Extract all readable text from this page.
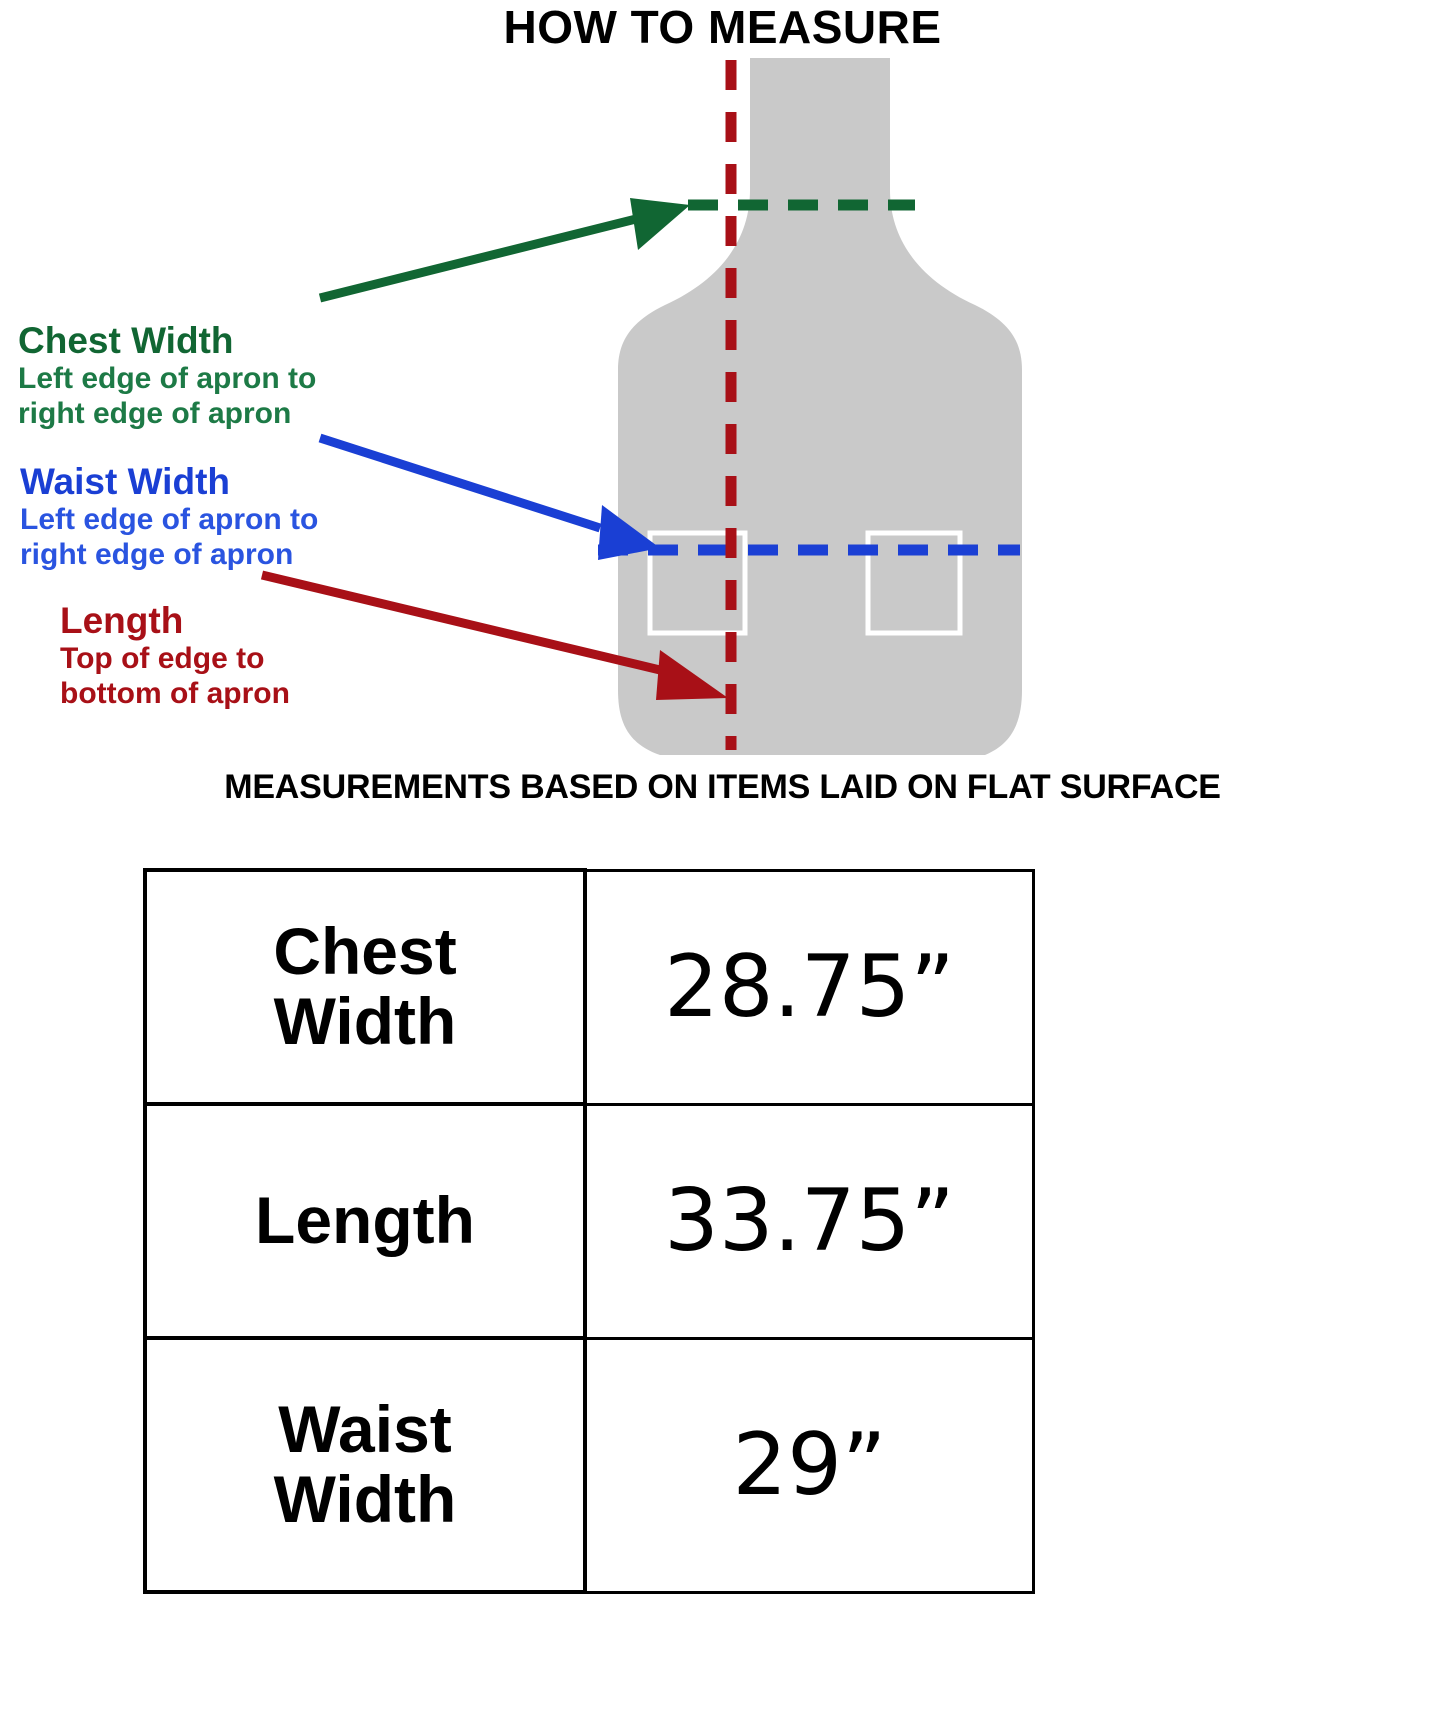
HOW TO MEASURE
Chest Width
Left edge of apron to
right edge of apron
Waist Width
Left edge of apron to
right edge of apron
Length
Top of edge to
bottom of apron
MEASUREMENTS BASED ON ITEMS LAID ON FLAT SURFACE
Chest
Width	28.75”

Length	33.75”

Waist
Width	29”
